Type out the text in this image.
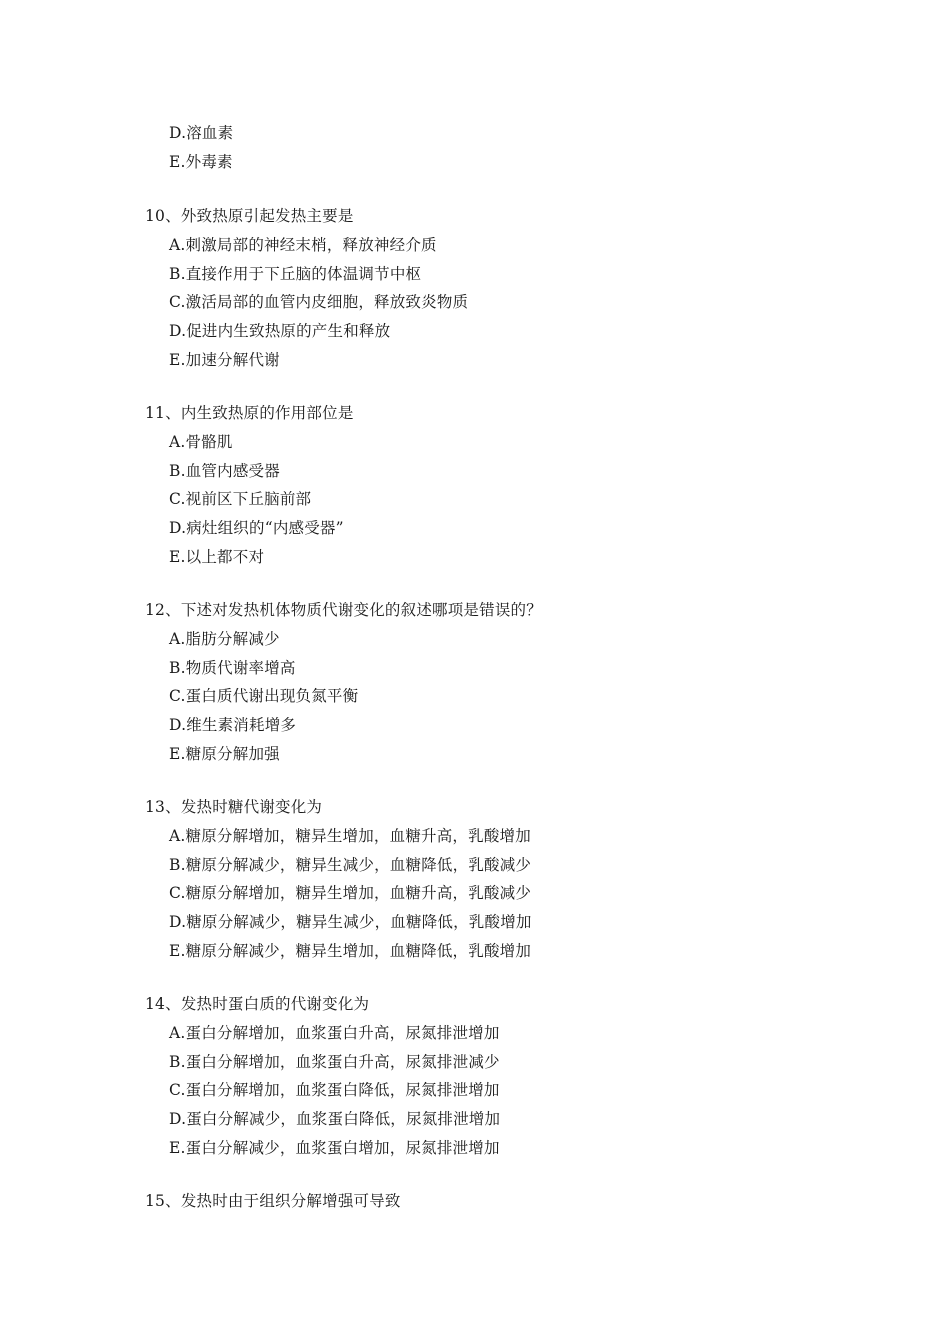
D.溶血素
E.外毒素
10、外致热原引起发热主要是
A.刺激局部的神经末梢，释放神经介质
B.直接作用于下丘脑的体温调节中枢
C.激活局部的血管内皮细胞，释放致炎物质
D.促进内生致热原的产生和释放
E.加速分解代谢
11、内生致热原的作用部位是
A.骨骼肌
B.血管内感受器
C.视前区下丘脑前部
D.病灶组织的“内感受器”
E.以上都不对
12、下述对发热机体物质代谢变化的叙述哪项是错误的？
A.脂肪分解减少
B.物质代谢率增高
C.蛋白质代谢出现负氮平衡
D.维生素消耗增多
E.糖原分解加强
13、发热时糖代谢变化为
A.糖原分解增加，糖异生增加，血糖升高，乳酸增加
B.糖原分解减少，糖异生减少，血糖降低，乳酸减少
C.糖原分解增加，糖异生增加，血糖升高，乳酸减少
D.糖原分解减少，糖异生减少，血糖降低，乳酸增加
E.糖原分解减少，糖异生增加，血糖降低，乳酸增加
14、发热时蛋白质的代谢变化为
A.蛋白分解增加，血浆蛋白升高，尿氮排泄增加
B.蛋白分解增加，血浆蛋白升高，尿氮排泄减少
C.蛋白分解增加，血浆蛋白降低，尿氮排泄增加
D.蛋白分解减少，血浆蛋白降低，尿氮排泄增加
E.蛋白分解减少，血浆蛋白增加，尿氮排泄增加
15、发热时由于组织分解增强可导致
